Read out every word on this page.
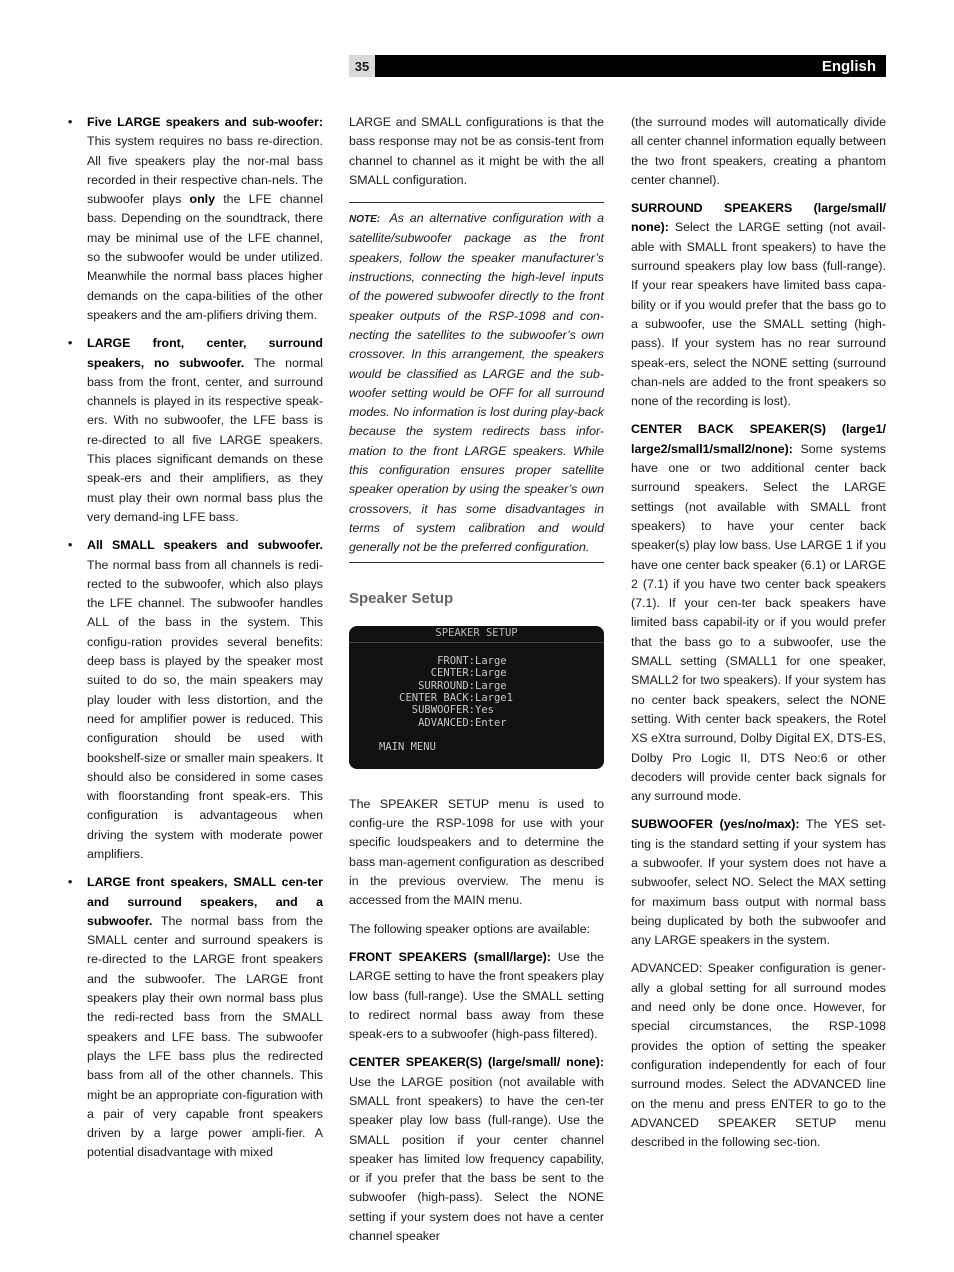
35	English
• Five LARGE speakers and sub-woofer: This system requires no bass re-direction. All five speakers play the nor-mal bass recorded in their respective chan-nels. The subwoofer plays only the LFE channel bass. Depending on the soundtrack, there may be minimal use of the LFE channel, so the subwoofer would be under utilized. Meanwhile the normal bass places higher demands on the capa-bilities of the other speakers and the am-plifiers driving them.
• LARGE front, center, surround speakers, no subwoofer. The normal bass from the front, center, and surround channels is played in its respective speak-ers. With no subwoofer, the LFE bass is re-directed to all five LARGE speakers. This places significant demands on these speak-ers and their amplifiers, as they must play their own normal bass plus the very demand-ing LFE bass.
• All SMALL speakers and subwoofer. The normal bass from all channels is redi-rected to the subwoofer, which also plays the LFE channel. The subwoofer handles ALL of the bass in the system. This configu-ration provides several benefits: deep bass is played by the speaker most suited to do so, the main speakers may play louder with less distortion, and the need for amplifier power is reduced. This configuration should be used with bookshelf-size or smaller main speakers. It should also be considered in some cases with floorstanding front speak-ers. This configuration is advantageous when driving the system with moderate power amplifiers.
• LARGE front speakers, SMALL cen-ter and surround speakers, and a subwoofer. The normal bass from the SMALL center and surround speakers is re-directed to the LARGE front speakers and the subwoofer. The LARGE front speakers play their own normal bass plus the redi-rected bass from the SMALL speakers and LFE bass. The subwoofer plays the LFE bass plus the redirected bass from all of the other channels. This might be an appropriate con-figuration with a pair of very capable front speakers driven by a large power ampli-fier. A potential disadvantage with mixed

LARGE and SMALL configurations is that the bass response may not be as consis-tent from channel to channel as it might be with the all SMALL configuration.

NOTE: As an alternative configuration with a satellite/subwoofer package as the front speakers, follow the speaker manufacturer’s instructions, connecting the high-level inputs of the powered subwoofer directly to the front speaker outputs of the RSP-1098 and con-necting the satellites to the subwoofer’s own crossover. In this arrangement, the speakers would be classified as LARGE and the sub-woofer setting would be OFF for all surround modes. No information is lost during play-back because the system redirects bass infor-mation to the front LARGE speakers. While this configuration ensures proper satellite speaker operation by using the speaker’s own crossovers, it has some disadvantages in terms of system calibration and would generally not be the preferred configuration.
Speaker Setup
SPEAKER SETUP
FRONT:Large
CENTER:Large
SURROUND:Large
CENTER BACK:Large1
SUBWOOFER:Yes
ADVANCED:Enter
MAIN MENU

The SPEAKER SETUP menu is used to config-ure the RSP-1098 for use with your specific loudspeakers and to determine the bass man-agement configuration as described in the previous overview. The menu is accessed from the MAIN menu.

The following speaker options are available:

FRONT SPEAKERS (small/large): Use the LARGE setting to have the front speakers play low bass (full-range). Use the SMALL setting to redirect normal bass away from these speak-ers to a subwoofer (high-pass filtered).

CENTER SPEAKER(S) (large/small/ none): Use the LARGE position (not available with SMALL front speakers) to have the cen-ter speaker play low bass (full-range). Use the SMALL position if your center channel speaker has limited low frequency capability, or if you prefer that the bass be sent to the subwoofer (high-pass). Select the NONE setting if your system does not have a center channel speaker

(the surround modes will automatically divide all center channel information equally between the two front speakers, creating a phantom center channel).

SURROUND SPEAKERS (large/small/ none): Select the LARGE setting (not avail-able with SMALL front speakers) to have the surround speakers play low bass (full-range). If your rear speakers have limited bass capa-bility or if you would prefer that the bass go to a subwoofer, use the SMALL setting (high-pass). If your system has no rear surround speak-ers, select the NONE setting (surround chan-nels are added to the front speakers so none of the recording is lost).

CENTER BACK SPEAKER(S) (large1/ large2/small1/small2/none): Some systems have one or two additional center back surround speakers. Select the LARGE settings (not available with SMALL front speakers) to have your center back speaker(s) play low bass. Use LARGE 1 if you have one center back speaker (6.1) or LARGE 2 (7.1) if you have two center back speakers (7.1). If your cen-ter back speakers have limited bass capabil-ity or if you would prefer that the bass go to a subwoofer, use the SMALL setting (SMALL1 for one speaker, SMALL2 for two speakers). If your system has no center back speakers, select the NONE setting. With center back speakers, the Rotel XS eXtra surround, Dolby Digital EX, DTS-ES, Dolby Pro Logic II, DTS Neo:6 or other decoders will provide center back signals for any surround mode.

SUBWOOFER (yes/no/max): The YES set-ting is the standard setting if your system has a subwoofer. If your system does not have a subwoofer, select NO. Select the MAX setting for maximum bass output with normal bass being duplicated by both the subwoofer and any LARGE speakers in the system.

ADVANCED: Speaker configuration is gener-ally a global setting for all surround modes and need only be done once. However, for special circumstances, the RSP-1098 provides the option of setting the speaker configuration independently for each of four surround modes. Select the ADVANCED line on the menu and press ENTER to go to the ADVANCED SPEAKER SETUP menu described in the following sec-tion.
